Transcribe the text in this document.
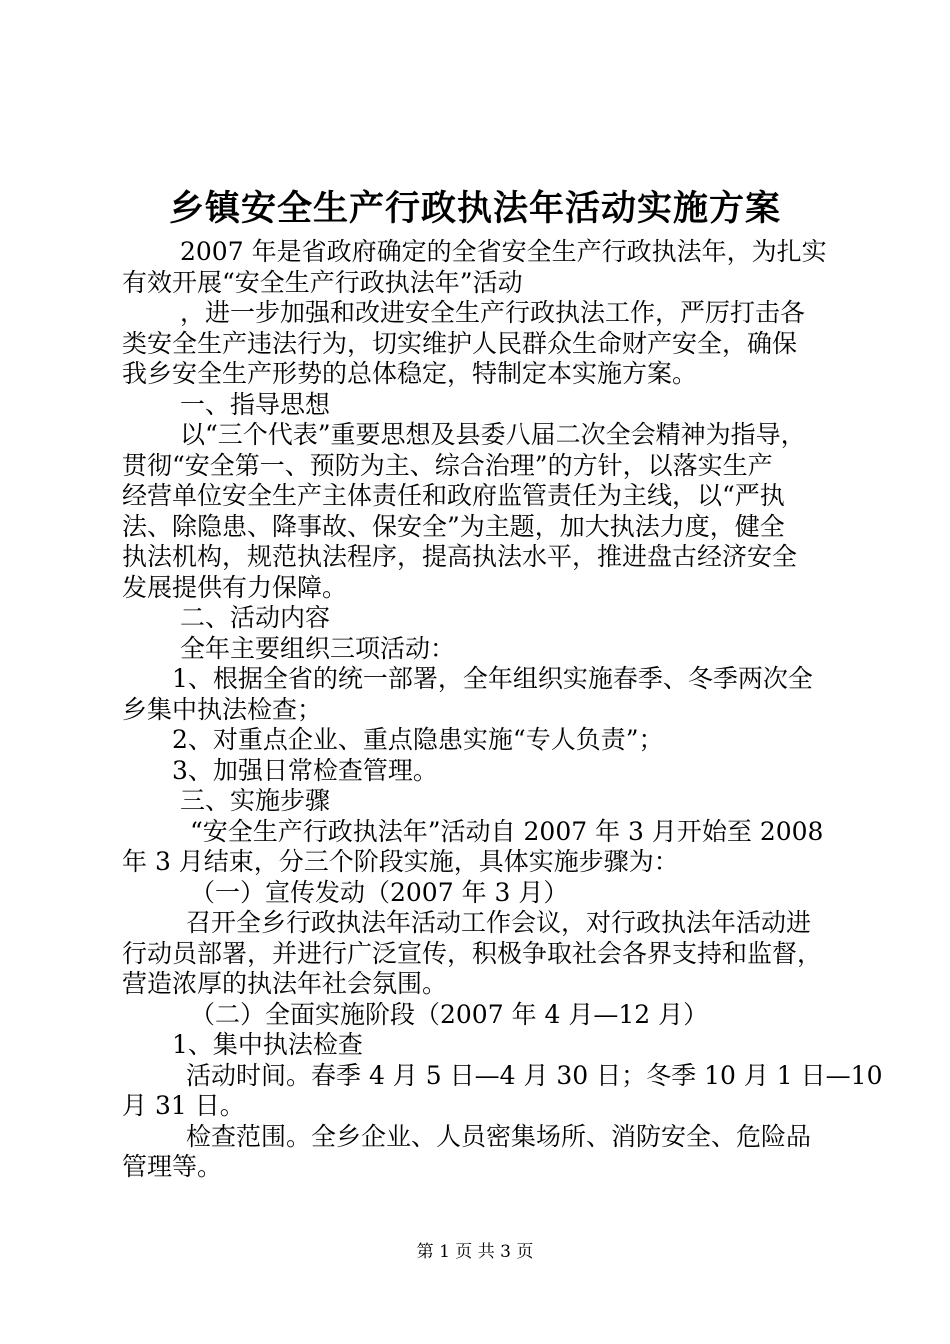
乡镇安全生产行政执法年活动实施方案
2007 年是省政府确定的全省安全生产行政执法年，为扎实
有效开展“安全生产行政执法年”活动
，进一步加强和改进安全生产行政执法工作，严厉打击各
类安全生产违法行为，切实维护人民群众生命财产安全，确保
我乡安全生产形势的总体稳定，特制定本实施方案。
一、指导思想
以“三个代表”重要思想及县委八届二次全会精神为指导，
贯彻“安全第一、预防为主、综合治理”的方针，以落实生产
经营单位安全生产主体责任和政府监管责任为主线，以“严执
法、除隐患、降事故、保安全”为主题，加大执法力度，健全
执法机构，规范执法程序，提高执法水平，推进盘古经济安全
发展提供有力保障。
二、活动内容
全年主要组织三项活动：
1、根据全省的统一部署，全年组织实施春季、冬季两次全
乡集中执法检查；
2、对重点企业、重点隐患实施“专人负责”；
3、加强日常检查管理。
三、实施步骤
“安全生产行政执法年”活动自 2007 年 3 月开始至 2008
年 3 月结束，分三个阶段实施，具体实施步骤为：
（一）宣传发动（2007 年 3 月）
召开全乡行政执法年活动工作会议，对行政执法年活动进
行动员部署，并进行广泛宣传，积极争取社会各界支持和监督，
营造浓厚的执法年社会氛围。
（二）全面实施阶段（2007 年 4 月—12 月）
1、集中执法检查
活动时间。春季 4 月 5 日—4 月 30 日；冬季 10 月 1 日—10
月 31 日。
检查范围。全乡企业、人员密集场所、消防安全、危险品
管理等。
第 1 页 共 3 页
